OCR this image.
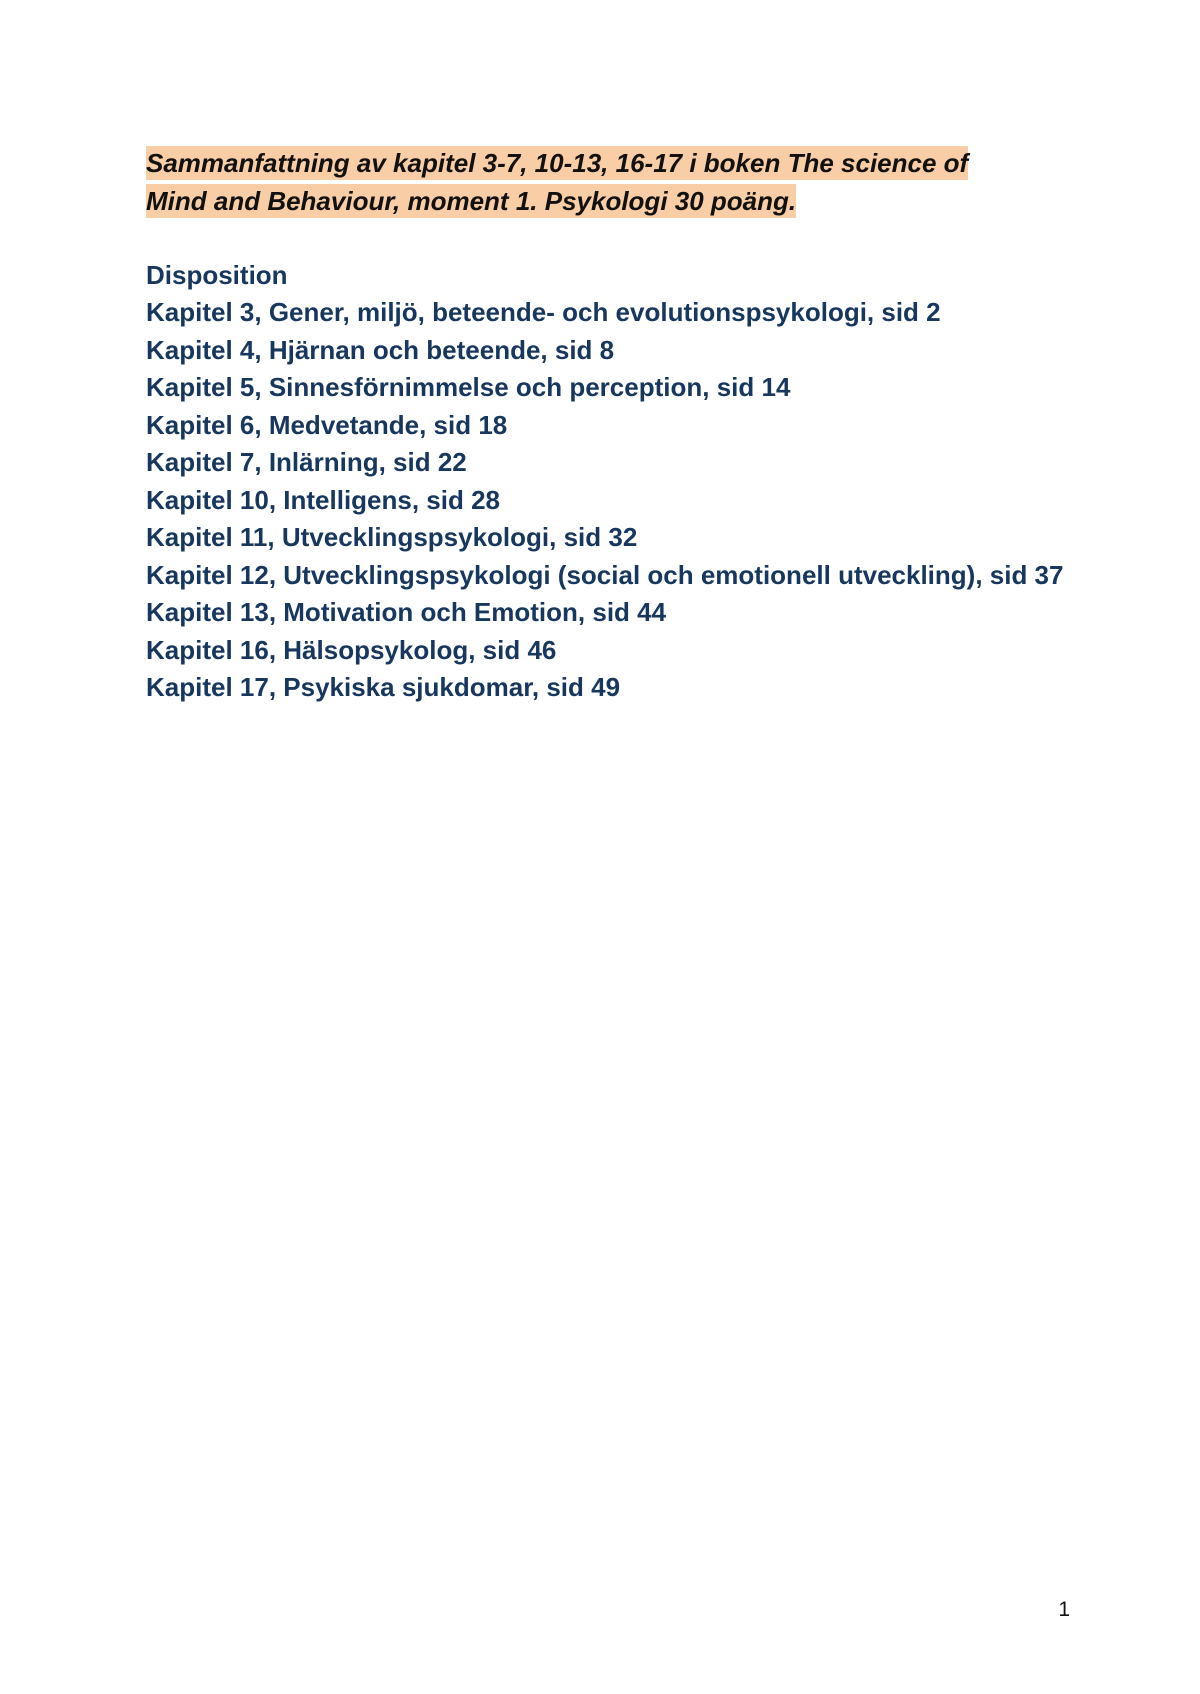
Sammanfattning av kapitel 3-7, 10-13, 16-17 i boken The science of
Mind and Behaviour, moment 1. Psykologi 30 poäng.

Disposition

Kapitel 3, Gener, miljö, beteende- och evolutionspsykologi, sid 2
Kapitel 4, Hjärnan och beteende, sid 8
Kapitel 5, Sinnesförnimmelse och perception, sid 14
Kapitel 6, Medvetande, sid 18
Kapitel 7, Inlärning, sid 22
Kapitel 10, Intelligens, sid 28
Kapitel 11, Utvecklingspsykologi, sid 32
Kapitel 12, Utvecklingspsykologi (social och emotionell utveckling), sid 37
Kapitel 13, Motivation och Emotion, sid 44
Kapitel 16, Hälsopsykolog, sid 46
Kapitel 17, Psykiska sjukdomar, sid 49
1
